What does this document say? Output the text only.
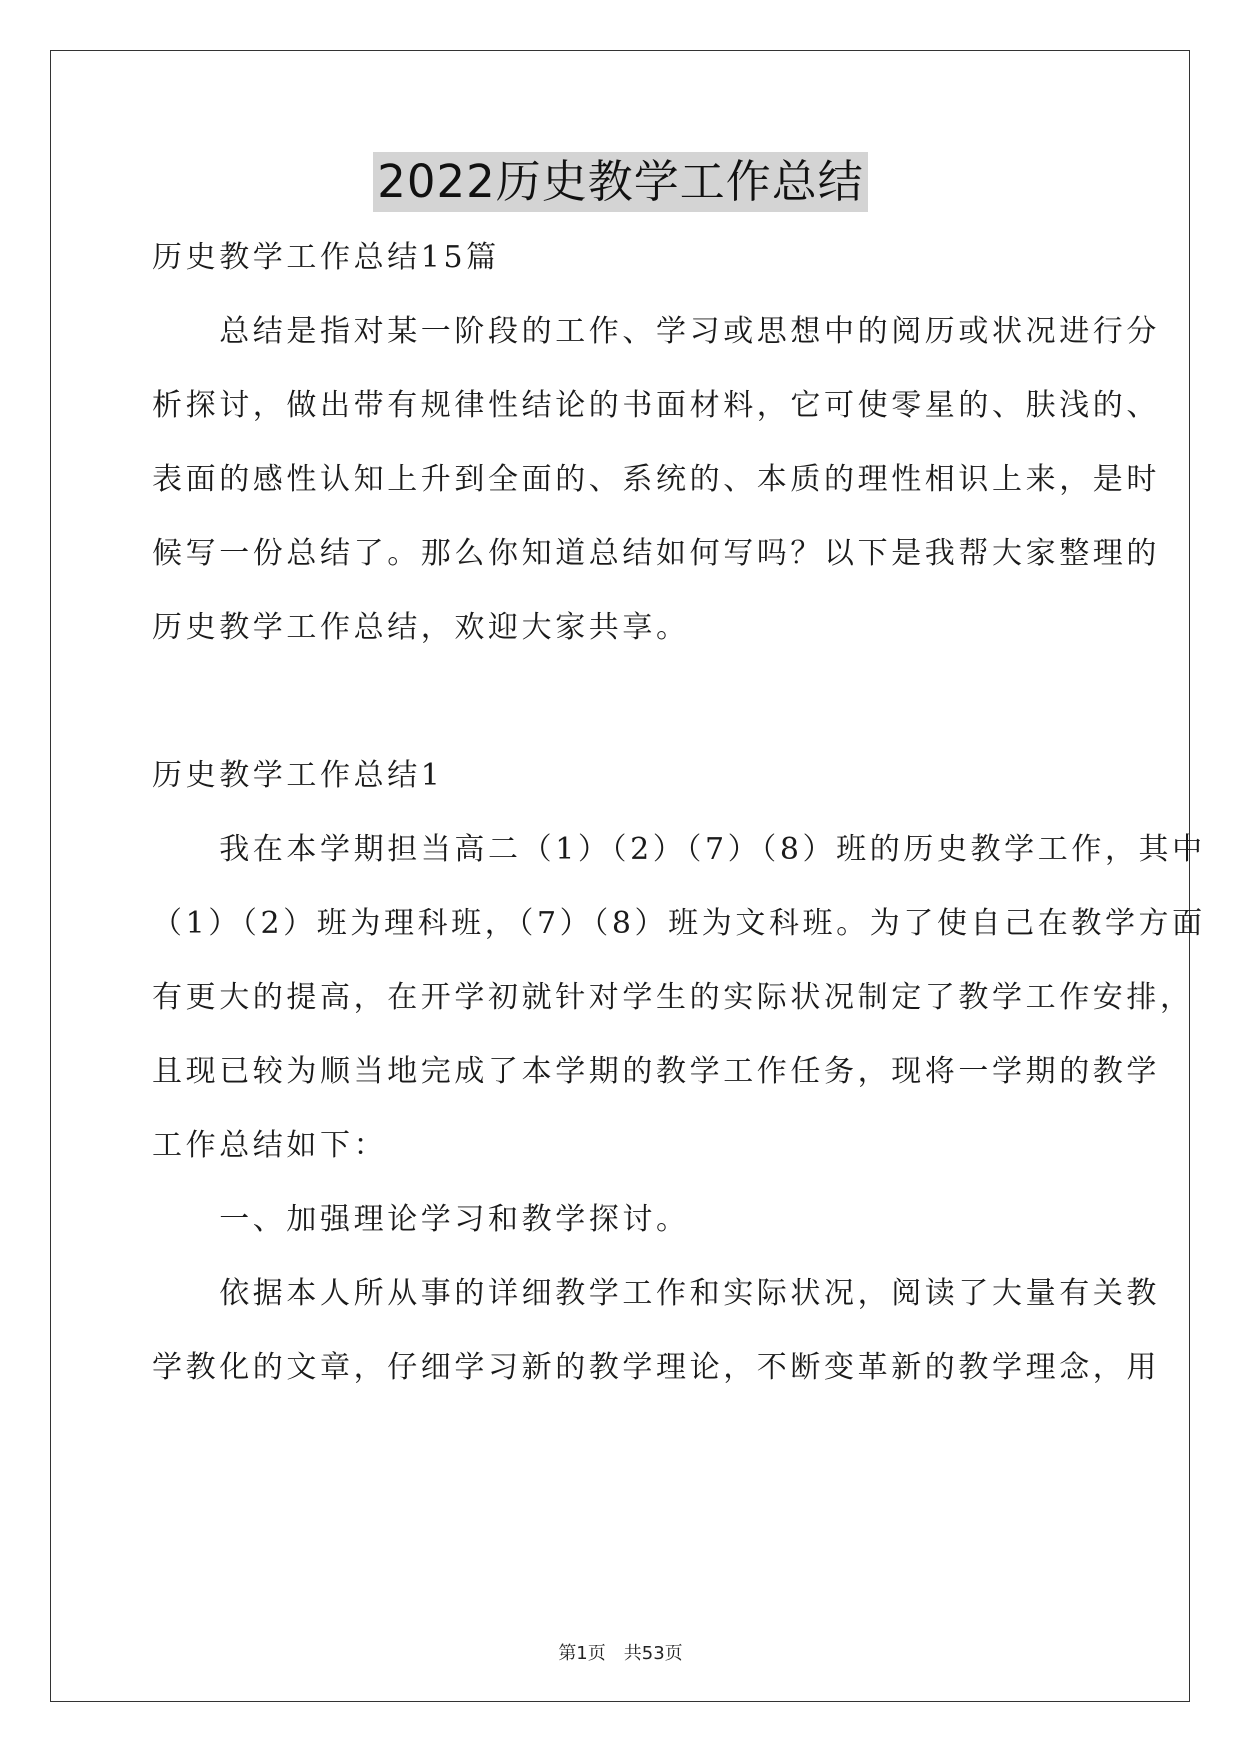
2022历史教学工作总结
历史教学工作总结15篇
　　总结是指对某一阶段的工作、学习或思想中的阅历或状况进行分
析探讨，做出带有规律性结论的书面材料，它可使零星的、肤浅的、
表面的感性认知上升到全面的、系统的、本质的理性相识上来，是时
候写一份总结了。那么你知道总结如何写吗？以下是我帮大家整理的
历史教学工作总结，欢迎大家共享。
历史教学工作总结1
　　我在本学期担当高二（1）（2）（7）（8）班的历史教学工作，其中
（1）（2）班为理科班，（7）（8）班为文科班。为了使自己在教学方面
有更大的提高，在开学初就针对学生的实际状况制定了教学工作安排，
且现已较为顺当地完成了本学期的教学工作任务，现将一学期的教学
工作总结如下：
　　一、加强理论学习和教学探讨。
　　依据本人所从事的详细教学工作和实际状况，阅读了大量有关教
学教化的文章，仔细学习新的教学理论，不断变革新的教学理念，用
第1页　共53页
